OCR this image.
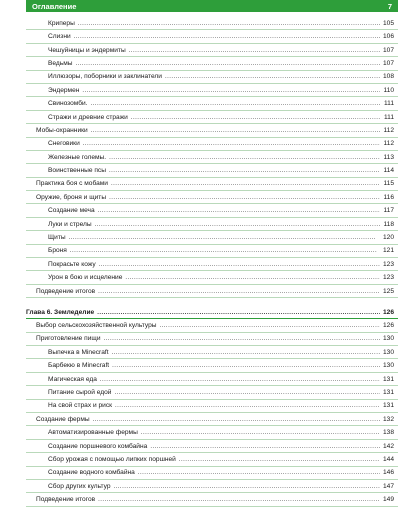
Оглавление	7
Криперы . . .	105
Слизни . . .	106
Чешуйницы и эндермиты . . .	107
Ведьмы . . .	107
Иллюзоры, поборники и заклинатели . . .	108
Эндермен . . .	110
Свинозомби. . . .	111
Стражи и древние стражи . . .	111
Мобы-охранники . . .	112
Снеговики . . .	112
Железные големы. . . .	113
Воинственные псы . . .	114
Практика боя с мобами . . .	115
Оружие, броня и щиты . . .	116
Создание меча . . .	117
Луки и стрелы . . .	118
Щиты . . .	120
Броня . . .	121
Покрасьте кожу . . .	123
Урон в бою и исцеление . . .	123
Подведение итогов . . .	125
Глава 6. Земледелие . . .	126
Выбор сельскохозяйственной культуры . . .	126
Приготовление пищи . . .	130
Выпечка в Minecraft . . .	130
Барбекю в Minecraft . . .	130
Магическая еда . . .	131
Питание сырой едой . . .	131
На свой страх и риск . . .	131
Создание фермы . . .	132
Автоматизированные фермы . . .	138
Создание поршневого комбайна . . .	142
Сбор урожая с помощью липких поршней . . .	144
Создание водного комбайна . . .	146
Сбор других культур . . .	147
Подведение итогов . . .	149
